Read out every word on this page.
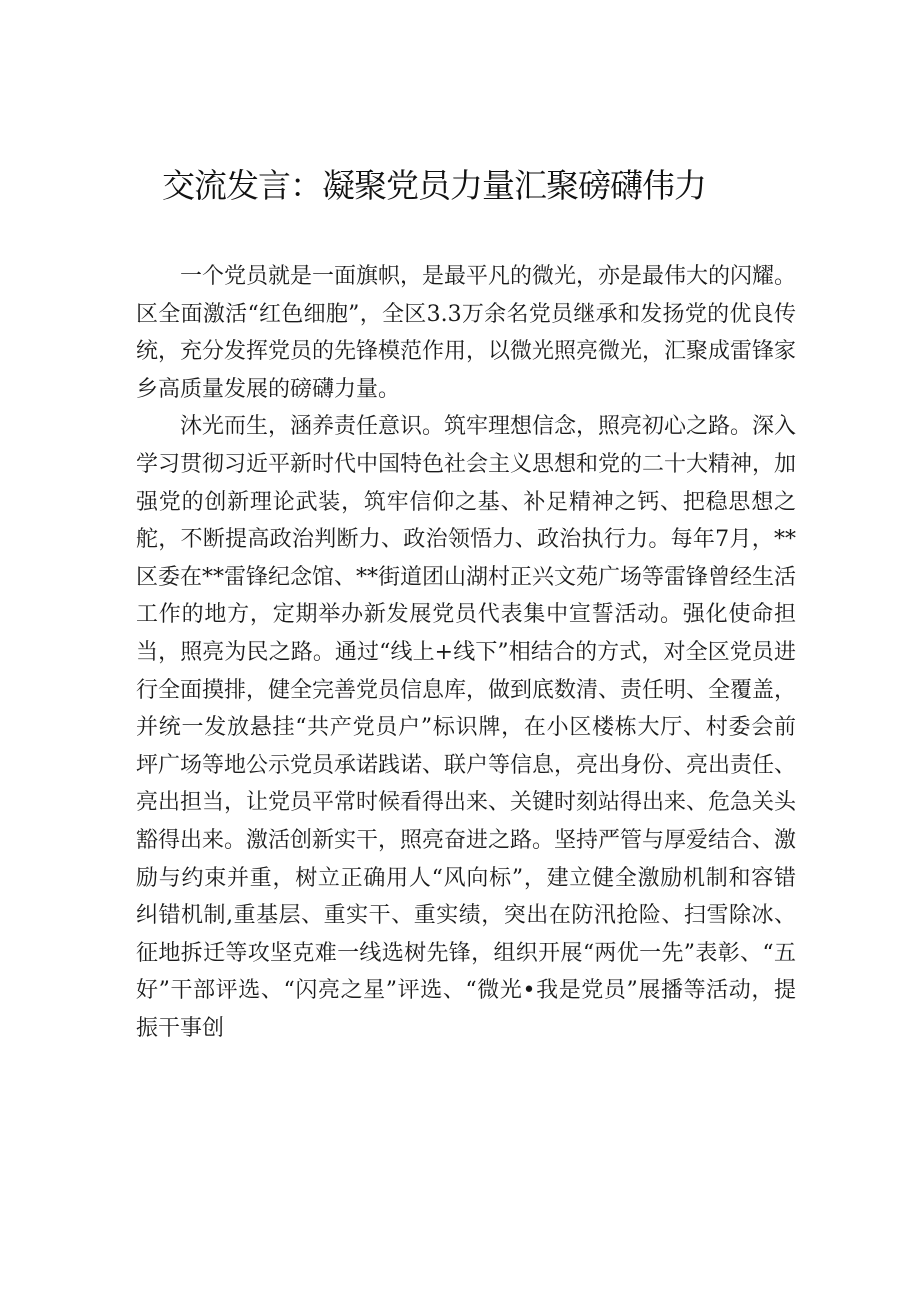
交流发言：凝聚党员力量汇聚磅礴伟力

一个党员就是一面旗帜，是最平凡的微光，亦是最伟大的闪耀。区全面激活“红色细胞”，全区3.3万余名党员继承和发扬党的优良传统，充分发挥党员的先锋模范作用，以微光照亮微光，汇聚成雷锋家乡高质量发展的磅礴力量。

沐光而生，涵养责任意识。筑牢理想信念，照亮初心之路。深入学习贯彻习近平新时代中国特色社会主义思想和党的二十大精神，加强党的创新理论武装，筑牢信仰之基、补足精神之钙、把稳思想之舵，不断提高政治判断力、政治领悟力、政治执行力。每年7月，**区委在**雷锋纪念馆、**街道团山湖村正兴文苑广场等雷锋曾经生活工作的地方，定期举办新发展党员代表集中宣誓活动。强化使命担当，照亮为民之路。通过“线上+线下”相结合的方式，对全区党员进行全面摸排，健全完善党员信息库，做到底数清、责任明、全覆盖，并统一发放悬挂“共产党员户”标识牌，在小区楼栋大厅、村委会前坪广场等地公示党员承诺践诺、联户等信息，亮出身份、亮出责任、亮出担当，让党员平常时候看得出来、关键时刻站得出来、危急关头豁得出来。激活创新实干，照亮奋进之路。坚持严管与厚爱结合、激励与约束并重，树立正确用人“风向标”，建立健全激励机制和容错纠错机制,重基层、重实干、重实绩，突出在防汛抢险、扫雪除冰、征地拆迁等攻坚克难一线选树先锋，组织开展“两优一先”表彰、“五好”干部评选、“闪亮之星”评选、“微光•我是党员”展播等活动，提振干事创
